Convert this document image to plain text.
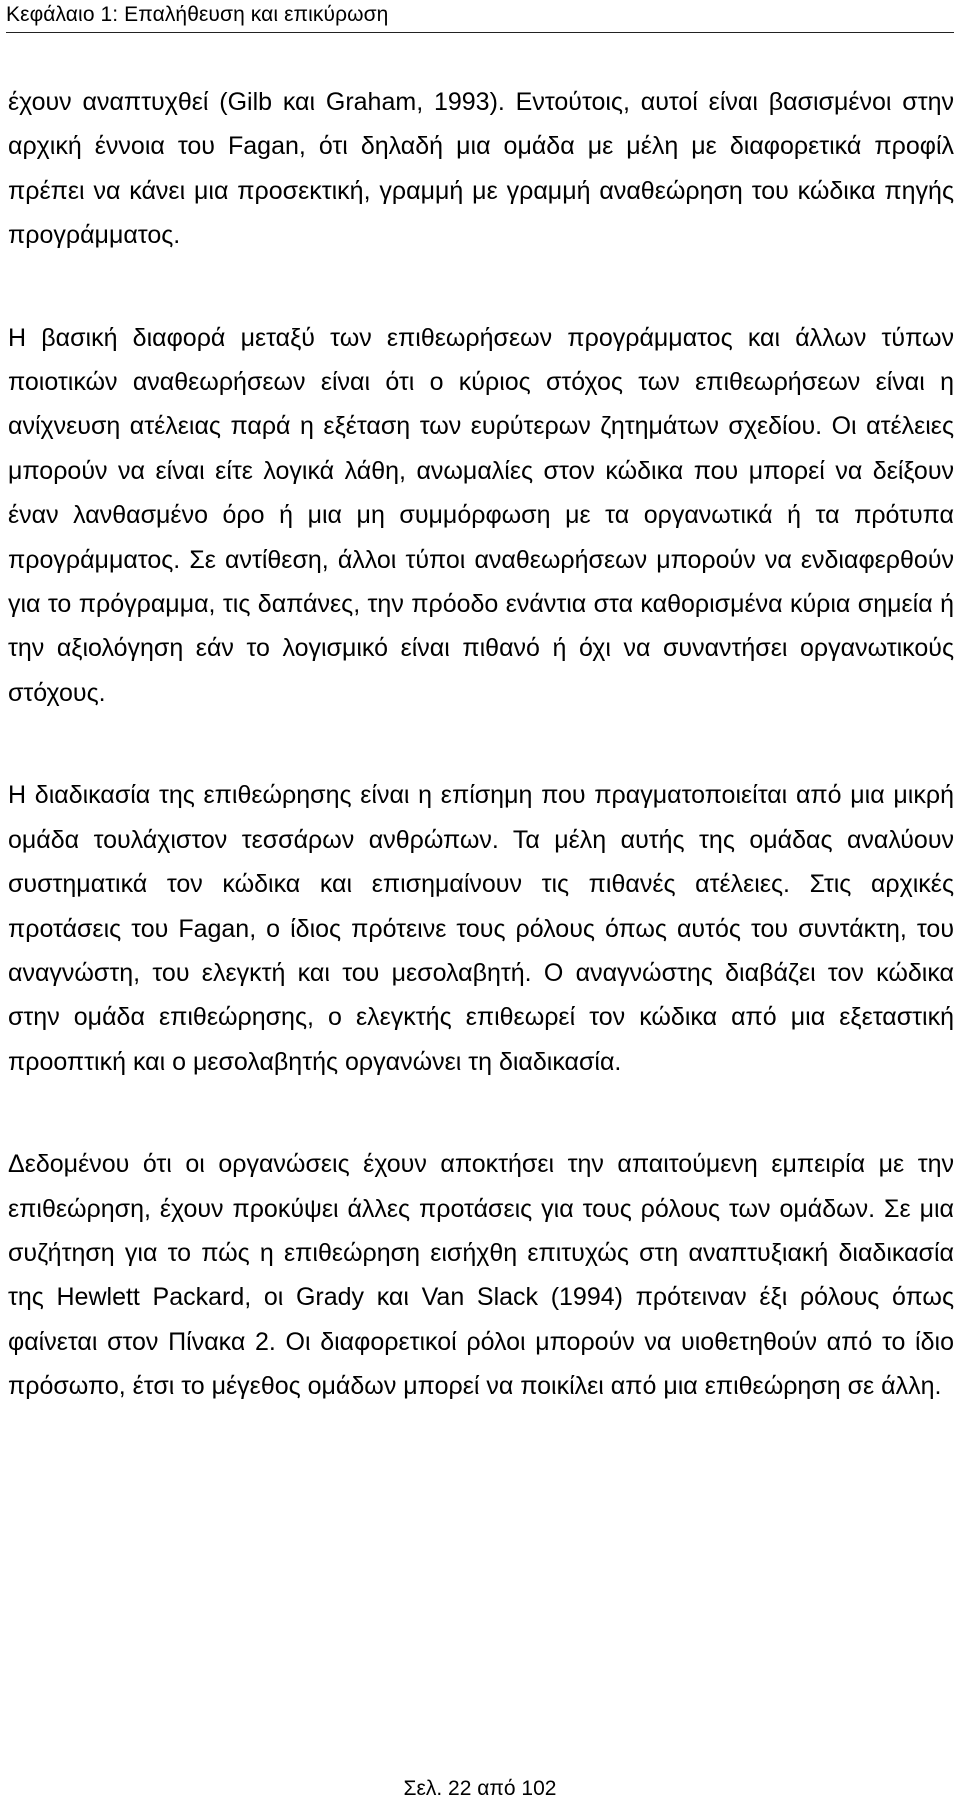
Κεφάλαιο 1: Επαλήθευση και επικύρωση

έχουν αναπτυχθεί (Gilb και Graham, 1993). Εντούτοις, αυτοί είναι βασισμένοι στην αρχική έννοια του Fagan, ότι δηλαδή μια ομάδα με μέλη με διαφορετικά προφίλ πρέπει να κάνει μια προσεκτική, γραμμή με γραμμή αναθεώρηση του κώδικα πηγής προγράμματος.

Η βασική διαφορά μεταξύ των επιθεωρήσεων προγράμματος και άλλων τύπων ποιοτικών αναθεωρήσεων είναι ότι ο κύριος στόχος των επιθεωρήσεων είναι η ανίχνευση ατέλειας παρά η εξέταση των ευρύτερων ζητημάτων σχεδίου. Οι ατέλειες μπορούν να είναι είτε λογικά λάθη, ανωμαλίες στον κώδικα που μπορεί να δείξουν έναν λανθασμένο όρο ή μια μη συμμόρφωση με τα οργανωτικά ή τα πρότυπα προγράμματος. Σε αντίθεση, άλλοι τύποι αναθεωρήσεων μπορούν να ενδιαφερθούν για το πρόγραμμα, τις δαπάνες, την πρόοδο ενάντια στα καθορισμένα κύρια σημεία ή την αξιολόγηση εάν το λογισμικό είναι πιθανό ή όχι να συναντήσει οργανωτικούς στόχους.

Η διαδικασία της επιθεώρησης είναι η επίσημη που πραγματοποιείται από μια μικρή ομάδα τουλάχιστον τεσσάρων ανθρώπων. Τα μέλη αυτής της ομάδας αναλύουν συστηματικά τον κώδικα και επισημαίνουν τις πιθανές ατέλειες. Στις αρχικές προτάσεις του Fagan, ο ίδιος πρότεινε τους ρόλους όπως αυτός του συντάκτη, του αναγνώστη, του ελεγκτή και του μεσολαβητή. Ο αναγνώστης διαβάζει τον κώδικα στην ομάδα επιθεώρησης, ο ελεγκτής επιθεωρεί τον κώδικα από μια εξεταστική προοπτική και ο μεσολαβητής οργανώνει τη διαδικασία.

Δεδομένου ότι οι οργανώσεις έχουν αποκτήσει την απαιτούμενη εμπειρία με την επιθεώρηση, έχουν προκύψει άλλες προτάσεις για τους ρόλους των ομάδων. Σε μια συζήτηση για το πώς η επιθεώρηση εισήχθη επιτυχώς στη αναπτυξιακή διαδικασία της Hewlett Packard, οι Grady και Van Slack (1994) πρότειναν έξι ρόλους όπως φαίνεται στον Πίνακα 2. Οι διαφορετικοί ρόλοι μπορούν να υιοθετηθούν από το ίδιο πρόσωπο, έτσι το μέγεθος ομάδων μπορεί να ποικίλει από μια επιθεώρηση σε άλλη.

Σελ. 22 από 102
